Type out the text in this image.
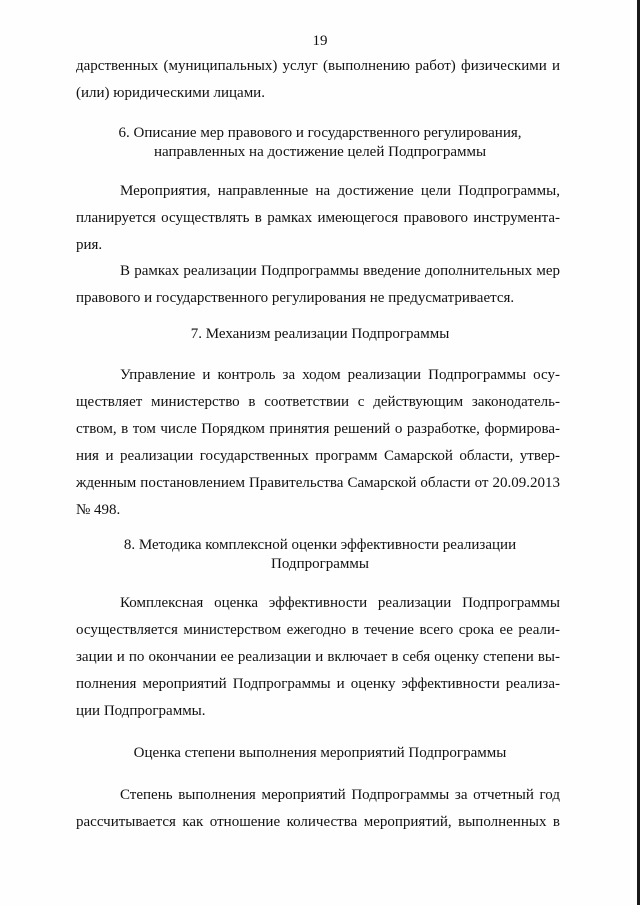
19
дарственных (муниципальных) услуг (выполнению работ) физическими и
(или) юридическими лицами.
6. Описание мер правового и государственного регулирования,
направленных на достижение целей Подпрограммы
Мероприятия, направленные на достижение цели Подпрограммы,
планируется осуществлять в рамках имеющегося правового инструмента-
рия.
В рамках реализации Подпрограммы введение дополнительных мер
правового и государственного регулирования не предусматривается.
7. Механизм реализации Подпрограммы
Управление и контроль за ходом реализации Подпрограммы осу-
ществляет министерство в соответствии с действующим законодатель-
ством, в том числе Порядком принятия решений о разработке, формирова-
ния и реализации государственных программ Самарской области, утвер-
жденным постановлением Правительства Самарской области от 20.09.2013
№ 498.
8. Методика комплексной оценки эффективности реализации
Подпрограммы
Комплексная оценка эффективности реализации Подпрограммы
осуществляется министерством ежегодно в течение всего срока ее реали-
зации и по окончании ее реализации и включает в себя оценку степени вы-
полнения мероприятий Подпрограммы и оценку эффективности реализа-
ции Подпрограммы.
Оценка степени выполнения мероприятий Подпрограммы
Степень выполнения мероприятий Подпрограммы за отчетный год
рассчитывается как отношение количества мероприятий, выполненных в
